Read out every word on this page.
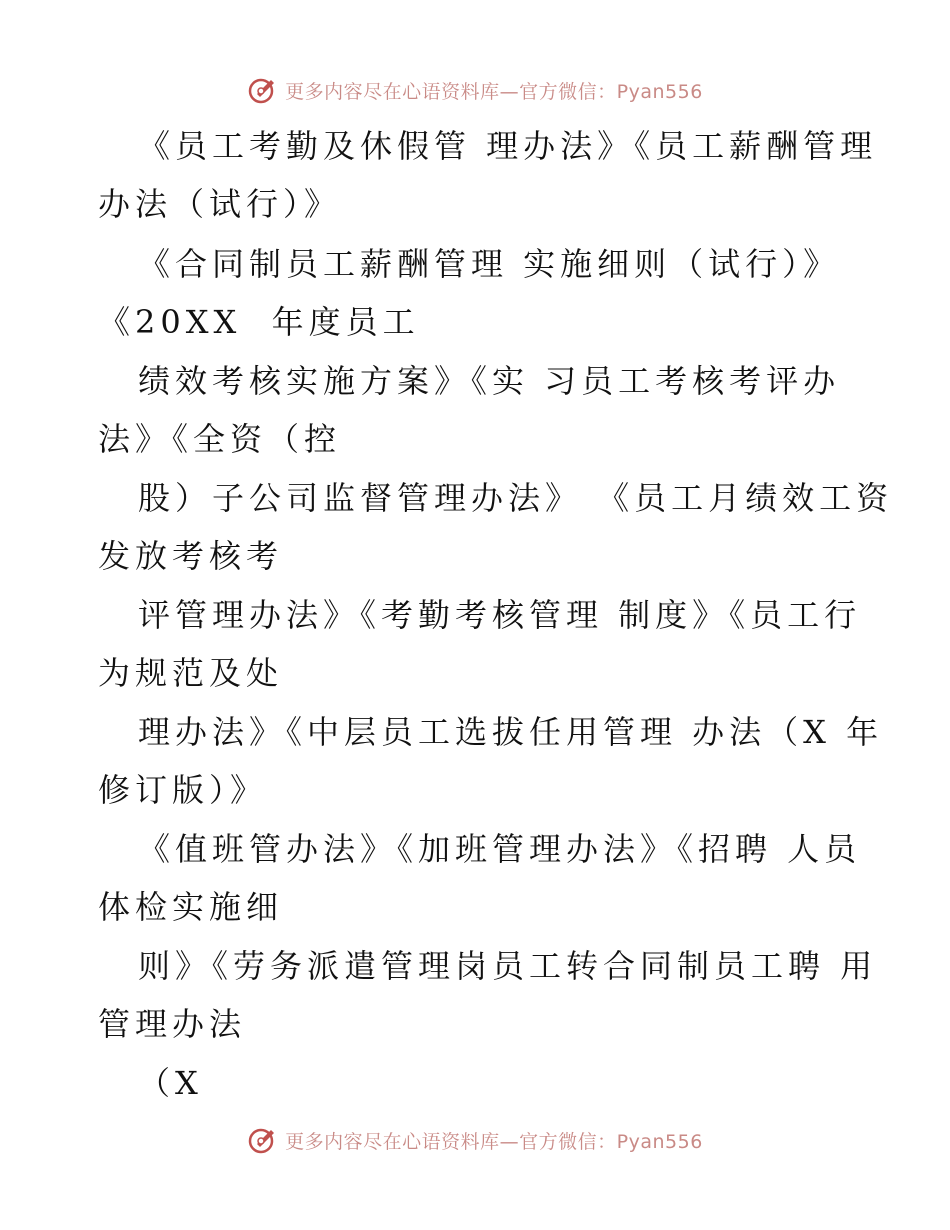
更多内容尽在心语资料库—官方微信：Pyan556
《员工考勤及休假管 理办法》《员工薪酬管理
办法（试行）》
《合同制员工薪酬管理 实施细则（试行）》
《20XX  年度员工
绩效考核实施方案》《实 习员工考核考评办
法》《全资（控
股）子公司监督管理办法》 《员工月绩效工资
发放考核考
评管理办法》《考勤考核管理 制度》《员工行
为规范及处
理办法》《中层员工选拔任用管理 办法（X 年
修订版）》
《值班管办法》《加班管理办法》《招聘 人员
体检实施细
则》《劳务派遣管理岗员工转合同制员工聘 用
管理办法
（X
更多内容尽在心语资料库—官方微信：Pyan556
